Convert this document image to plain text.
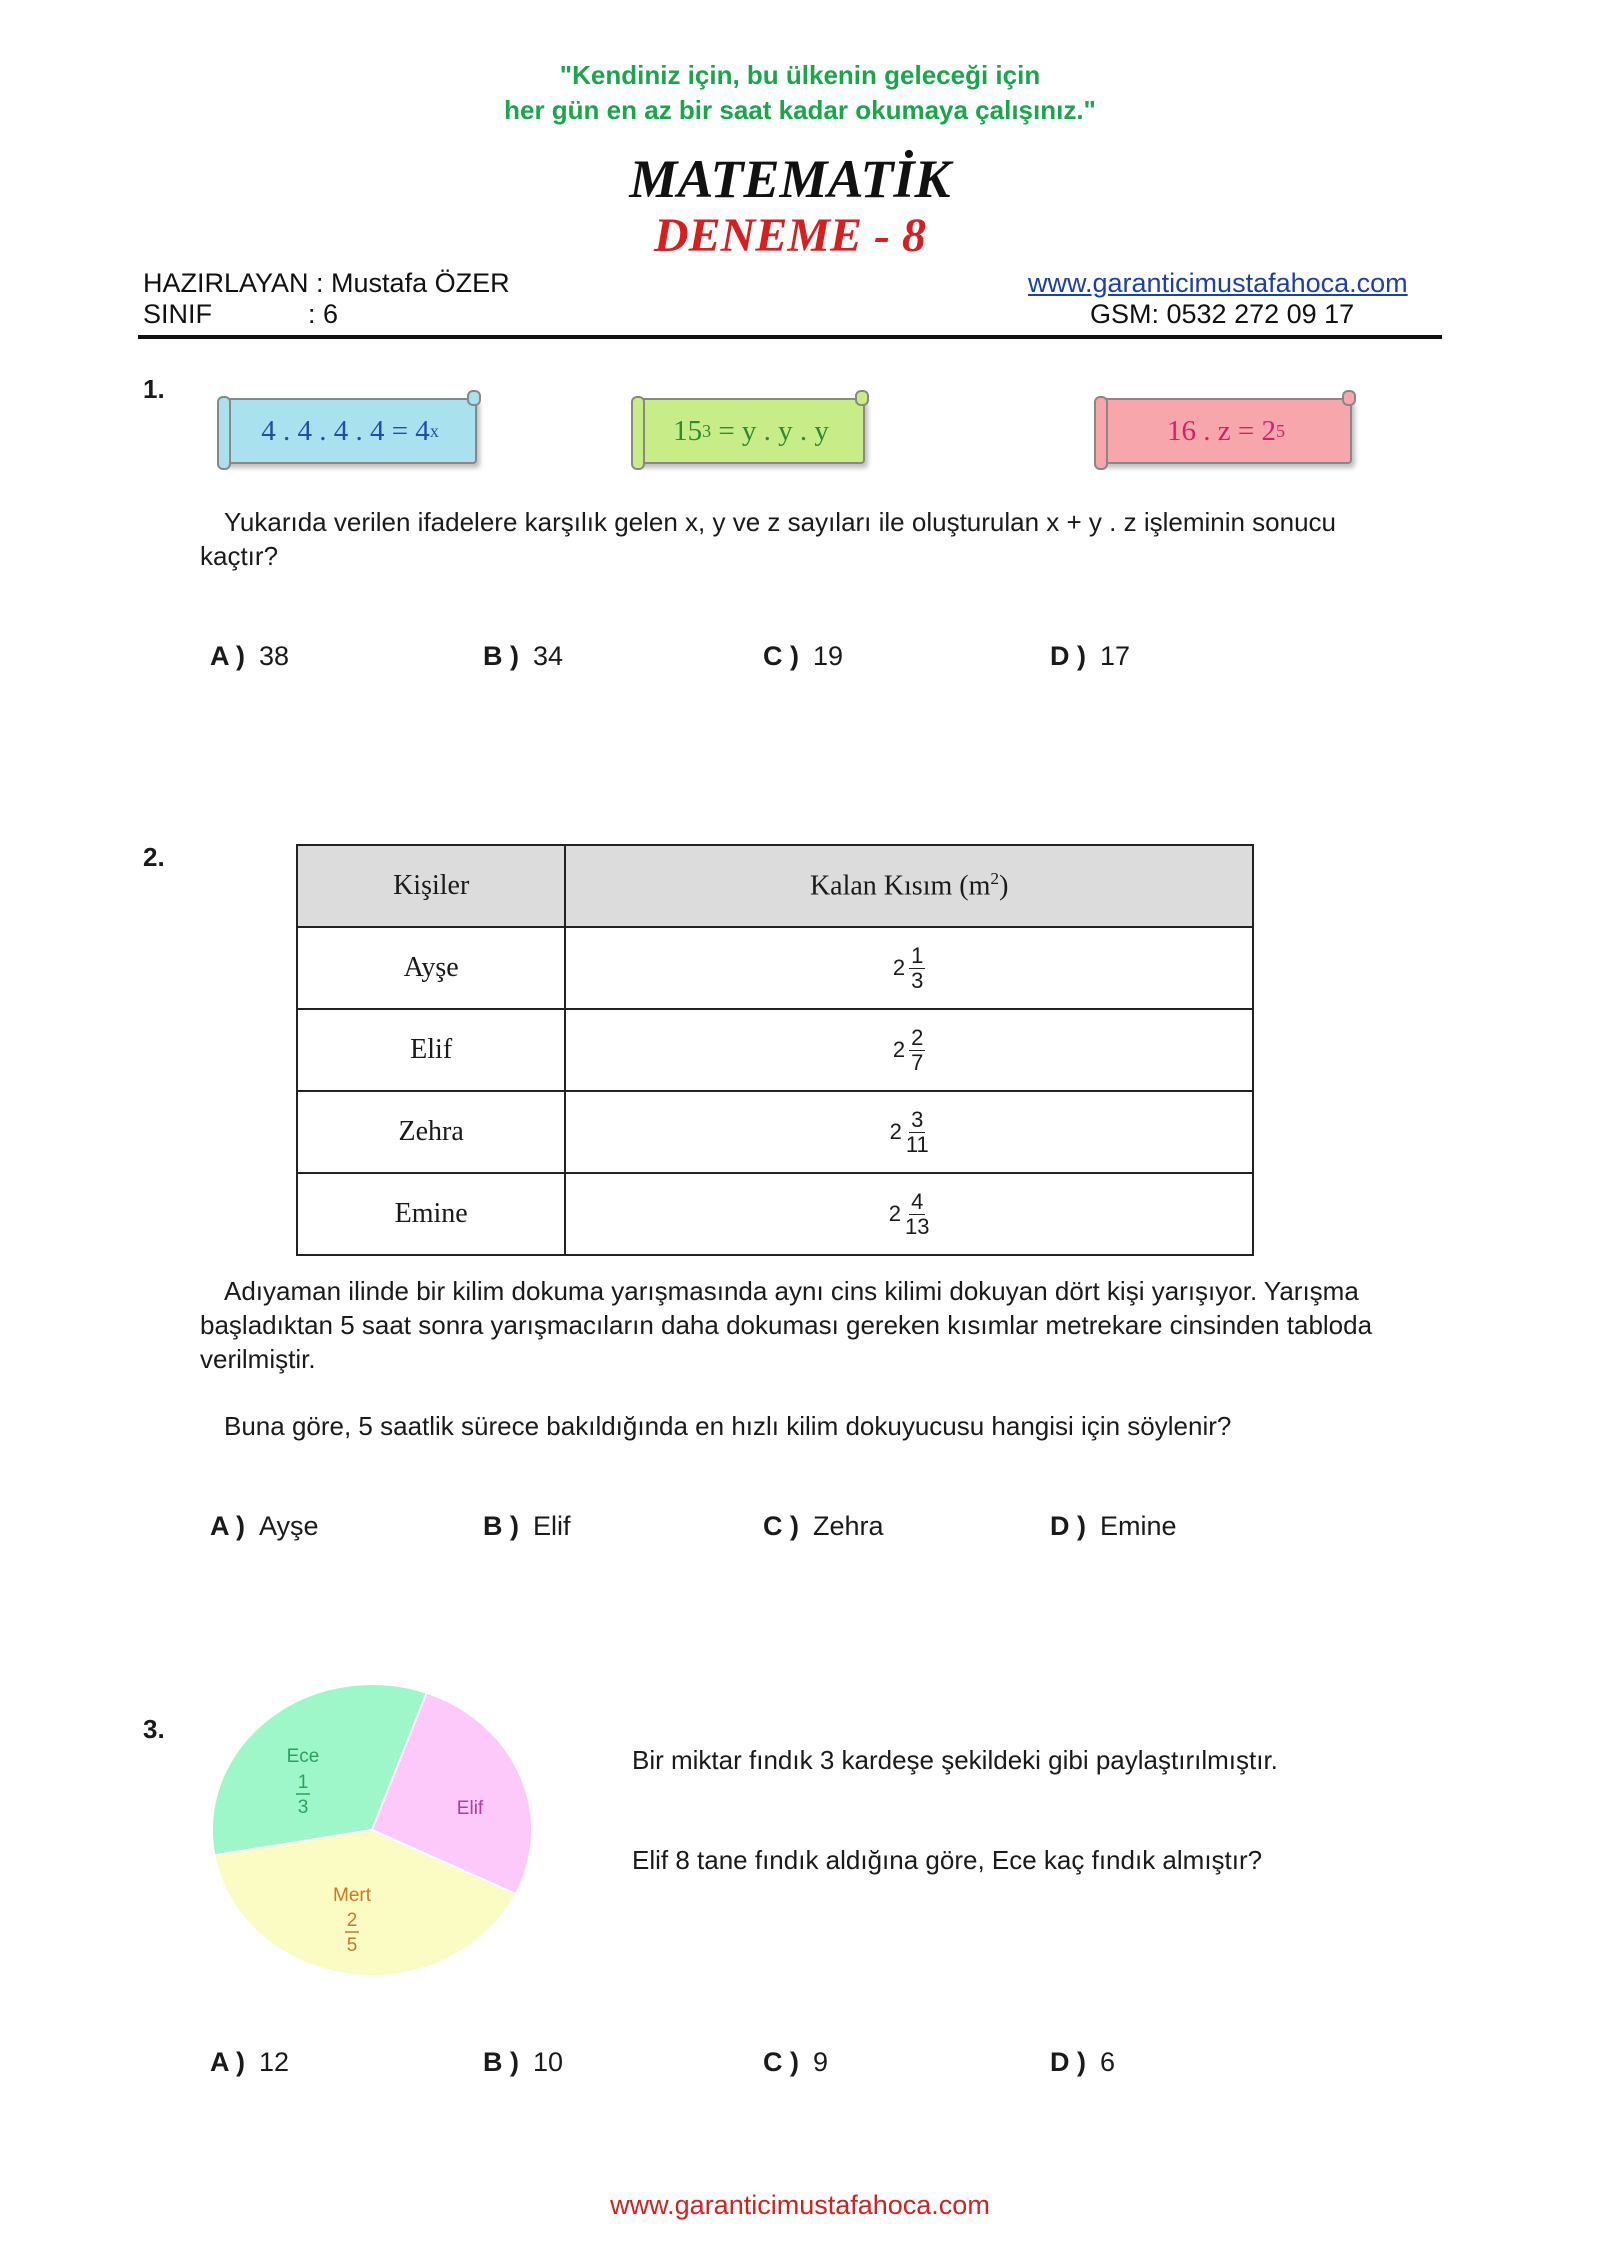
"Kendiniz için, bu ülkenin geleceği için
her gün en az bir saat kadar okumaya çalışınız."
MATEMATİK
DENEME - 8
HAZIRLAYAN : Mustafa ÖZER
SINIF	: 6
www.garanticimustafahoca.com
GSM: 0532 272 09 17
1.
4 . 4 . 4 . 4 = 4 x	15 3 = y . y . y	16 . z = 2 5
Yukarıda verilen ifadelere karşılık gelen x, y ve z sayıları ile oluşturulan x + y . z işleminin sonucu
kaçtır?
A ) 38	B ) 34	C ) 19	D ) 17
2.
Kişiler	Kalan Kısım $(m^2)$
Ayşe	$2 \frac{1}{3}$

Elif	$2 \frac{2}{7}$

Zehra	$2 \frac{3}{11}$

Emine	$2 \frac{4}{13}$
Adıyaman ilinde bir kilim dokuma yarışmasında aynı cins kilimi dokuyan dört kişi yarışıyor. Yarışma
başladıktan 5 saat sonra yarışmacıların daha dokuması gereken kısımlar metrekare cinsinden tabloda
verilmiştir.
Buna göre, 5 saatlik sürece bakıldığında en hızlı kilim dokuyucusu hangisi için söylenir?
A ) Ayşe	B ) Elif	C ) Zehra	D ) Emine
3.
Ece
1
3	Elif
Mert
2
5
Bir miktar fındık 3 kardeşe şekildeki gibi paylaştırılmıştır.
Elif 8 tane fındık aldığına göre, Ece kaç fındık almıştır?
A ) 12	B ) 10	C ) 9	D ) 6
www.garanticimustafahoca.com
